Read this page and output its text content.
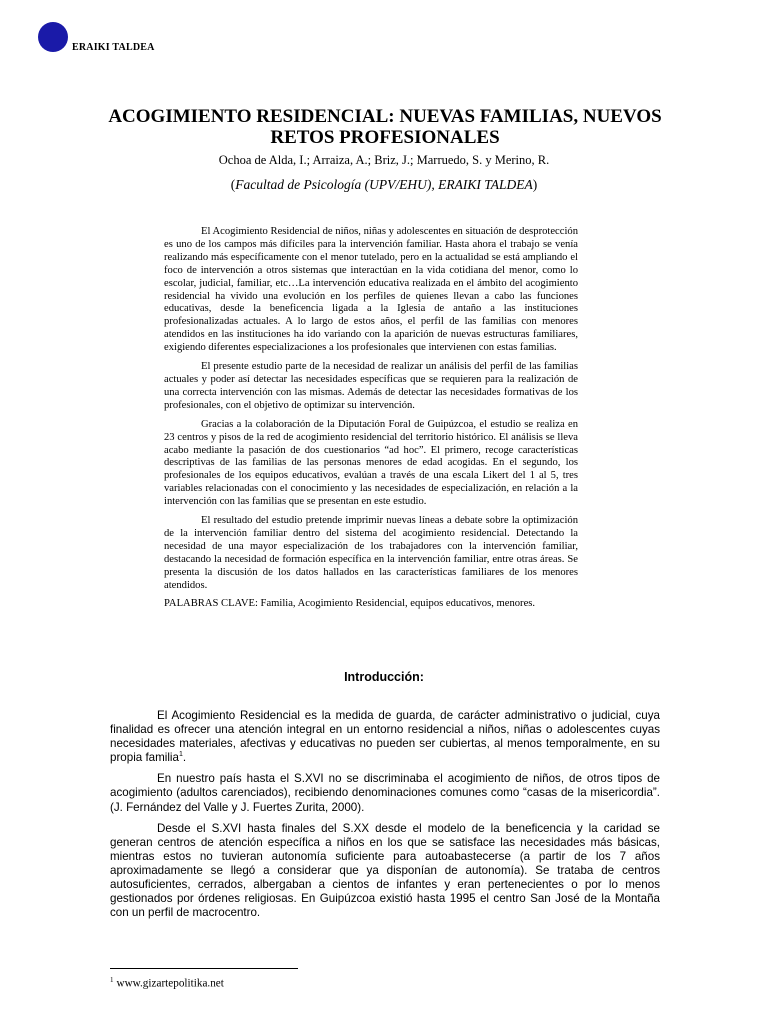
ERAIKI TALDEA
ACOGIMIENTO RESIDENCIAL: NUEVAS FAMILIAS, NUEVOS RETOS PROFESIONALES
Ochoa de Alda, I.; Arraiza, A.; Briz, J.; Marruedo, S. y Merino, R.
(Facultad de Psicología (UPV/EHU), ERAIKI TALDEA)

El Acogimiento Residencial de niños, niñas y adolescentes en situación de desprotección es uno de los campos más difíciles para la intervención familiar. Hasta ahora el trabajo se venía realizando más específicamente con el menor tutelado, pero en la actualidad se está ampliando el foco de intervención a otros sistemas que interactúan en la vida cotidiana del menor, como lo escolar, judicial, familiar, etc…La intervención educativa realizada en el ámbito del acogimiento residencial ha vivido una evolución en los perfiles de quienes llevan a cabo las funciones educativas, desde la beneficencia ligada a la Iglesia de antaño a las instituciones profesionalizadas actuales. A lo largo de estos años, el perfil de las familias con menores atendidos en las instituciones ha ido variando con la aparición de nuevas estructuras familiares, exigiendo diferentes especializaciones a los profesionales que intervienen con estas familias.

El presente estudio parte de la necesidad de realizar un análisis del perfil de las familias actuales y poder así detectar las necesidades específicas que se requieren para la realización de una correcta intervención con las mismas. Además de detectar las necesidades formativas de los profesionales, con el objetivo de optimizar su intervención.

Gracias a la colaboración de la Diputación Foral de Guipúzcoa, el estudio se realiza en 23 centros y pisos de la red de acogimiento residencial del territorio histórico. El análisis se lleva acabo mediante la pasación de dos cuestionarios “ad hoc”. El primero, recoge características descriptivas de las familias de las personas menores de edad acogidas. En el segundo, los profesionales de los equipos educativos, evalúan a través de una escala Likert del 1 al 5, tres variables relacionadas con el conocimiento y las necesidades de especialización, en relación a la intervención con las familias que se presentan en este estudio.

El resultado del estudio pretende imprimir nuevas líneas a debate sobre la optimización de la intervención familiar dentro del sistema del acogimiento residencial. Detectando la necesidad de una mayor especialización de los trabajadores con la intervención familiar, destacando la necesidad de formación específica en la intervención familiar, entre otras áreas. Se presenta la discusión de los datos hallados en las características familiares de los menores atendidos.

PALABRAS CLAVE: Familia, Acogimiento Residencial, equipos educativos, menores.

Introducción:

El Acogimiento Residencial es la medida de guarda, de carácter administrativo o judicial, cuya finalidad es ofrecer una atención integral en un entorno residencial a niños, niñas o adolescentes cuyas necesidades materiales, afectivas y educativas no pueden ser cubiertas, al menos temporalmente, en su propia familia$^1$.

En nuestro país hasta el S.XVI no se discriminaba el acogimiento de niños, de otros tipos de acogimiento (adultos carenciados), recibiendo denominaciones comunes como “casas de la misericordia”. (J. Fernández del Valle y J. Fuertes Zurita, 2000).

Desde el S.XVI hasta finales del S.XX desde el modelo de la beneficencia y la caridad se generan centros de atención específica a niños en los que se satisface las necesidades más básicas, mientras estos no tuvieran autonomía suficiente para autoabastecerse (a partir de los 7 años aproximadamente se llegó a considerar que ya disponían de autonomía). Se trataba de centros autosuficientes, cerrados, albergaban a cientos de infantes y eran pertenecientes o por lo menos gestionados por órdenes religiosas. En Guipúzcoa existió hasta 1995 el centro San José de la Montaña con un perfil de macrocentro.

$^1$ www.gizartepolitika.net
